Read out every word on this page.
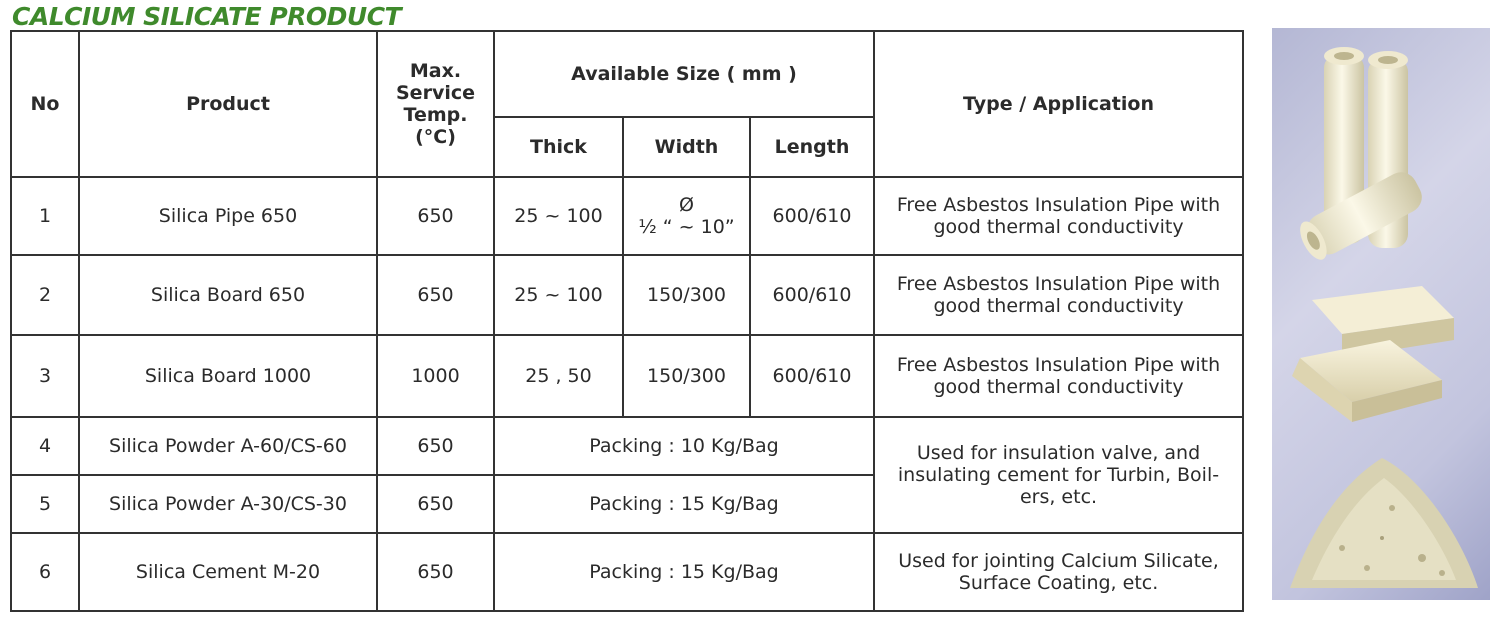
CALCIUM SILICATE PRODUCT
No	Product	Max.
Service
Temp.
(°C)	Available Size ( mm )			Type / Application
			Thick	Width	Length	
1	Silica Pipe 650	650	25 ~ 100	Ø
½ “ ~ 10”	600/610	Free Asbestos Insulation Pipe with
good thermal conductivity
2	Silica Board 650	650	25 ~ 100	150/300	600/610	Free Asbestos Insulation Pipe with
good thermal conductivity
3	Silica Board 1000	1000	25 , 50	150/300	600/610	Free Asbestos Insulation Pipe with
good thermal conductivity
4	Silica Powder A-60/CS-60	650	Packing : 10 Kg/Bag			Used for insulation valve, and
insulating cement for Turbin, Boil-
ers, etc.
5	Silica Powder A-30/CS-30	650	Packing : 15 Kg/Bag			
6	Silica Cement M-20	650	Packing : 15 Kg/Bag			Used for jointing Calcium Silicate,
Surface Coating, etc.
